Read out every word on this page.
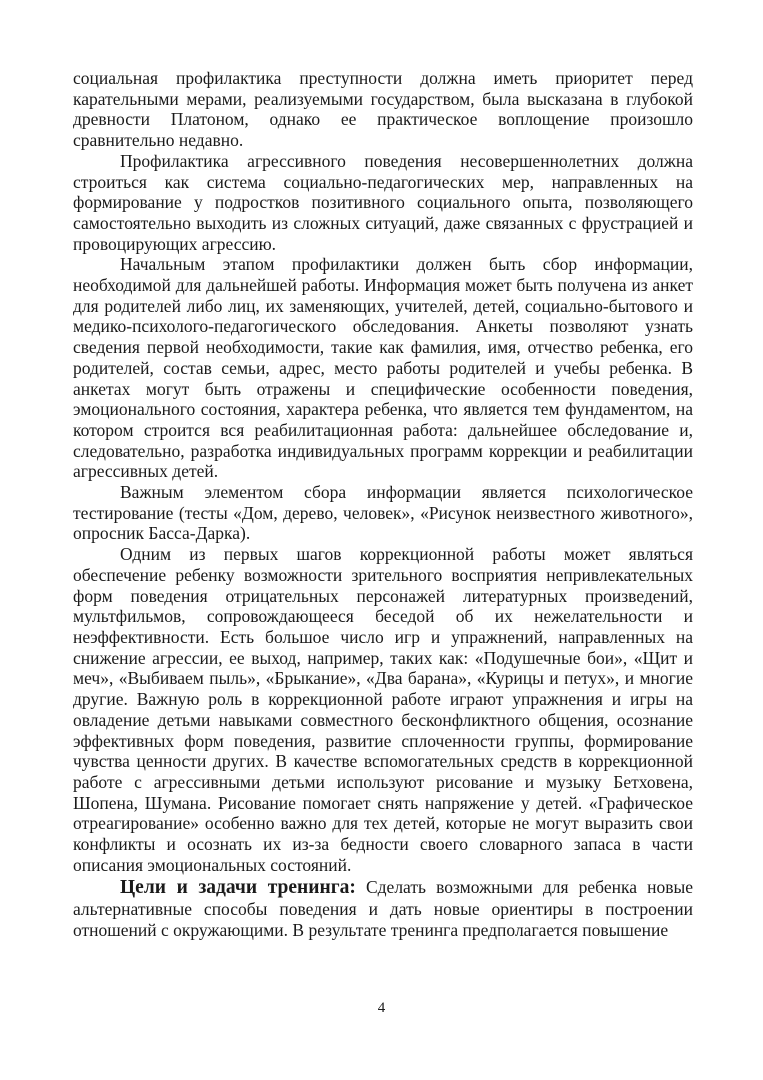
социальная профилактика преступности должна иметь приоритет перед карательными мерами, реализуемыми государством, была высказана в глубокой древности Платоном, однако ее практическое воплощение произошло сравнительно недавно.

Профилактика агрессивного поведения несовершеннолетних должна строиться как система социально-педагогических мер, направленных на формирование у подростков позитивного социального опыта, позволяющего самостоятельно выходить из сложных ситуаций, даже связанных с фрустрацией и провоцирующих агрессию.

Начальным этапом профилактики должен быть сбор информации, необходимой для дальнейшей работы. Информация может быть получена из анкет для родителей либо лиц, их заменяющих, учителей, детей, социально-бытового и медико-психолого-педагогического обследования. Анкеты позволяют узнать сведения первой необходимости, такие как фамилия, имя, отчество ребенка, его родителей, состав семьи, адрес, место работы родителей и учебы ребенка. В анкетах могут быть отражены и специфические особенности поведения, эмоционального состояния, характера ребенка, что является тем фундаментом, на котором строится вся реабилитационная работа: дальнейшее обследование и, следовательно, разработка индивидуальных программ коррекции и реабилитации агрессивных детей.

Важным элементом сбора информации является психологическое тестирование (тесты «Дом, дерево, человек», «Рисунок неизвестного животного», опросник Басса-Дарка).

Одним из первых шагов коррекционной работы может являться обеспечение ребенку возможности зрительного восприятия непривлекательных форм поведения отрицательных персонажей литературных произведений, мультфильмов, сопровождающееся беседой об их нежелательности и неэффективности. Есть большое число игр и упражнений, направленных на снижение агрессии, ее выход, например, таких как: «Подушечные бои», «Щит и меч», «Выбиваем пыль», «Брыкание», «Два барана», «Курицы и петух», и многие другие. Важную роль в коррекционной работе играют упражнения и игры на овладение детьми навыками совместного бесконфликтного общения, осознание эффективных форм поведения, развитие сплоченности группы, формирование чувства ценности других. В качестве вспомогательных средств в коррекционной работе с агрессивными детьми используют рисование и музыку Бетховена, Шопена, Шумана. Рисование помогает снять напряжение у детей. «Графическое отреагирование» особенно важно для тех детей, которые не могут выразить свои конфликты и осознать их из-за бедности своего словарного запаса в части описания эмоциональных состояний.

Цели и задачи тренинга: Сделать возможными для ребенка новые альтернативные способы поведения и дать новые ориентиры в построении отношений с окружающими. В результате тренинга предполагается повышение

4
